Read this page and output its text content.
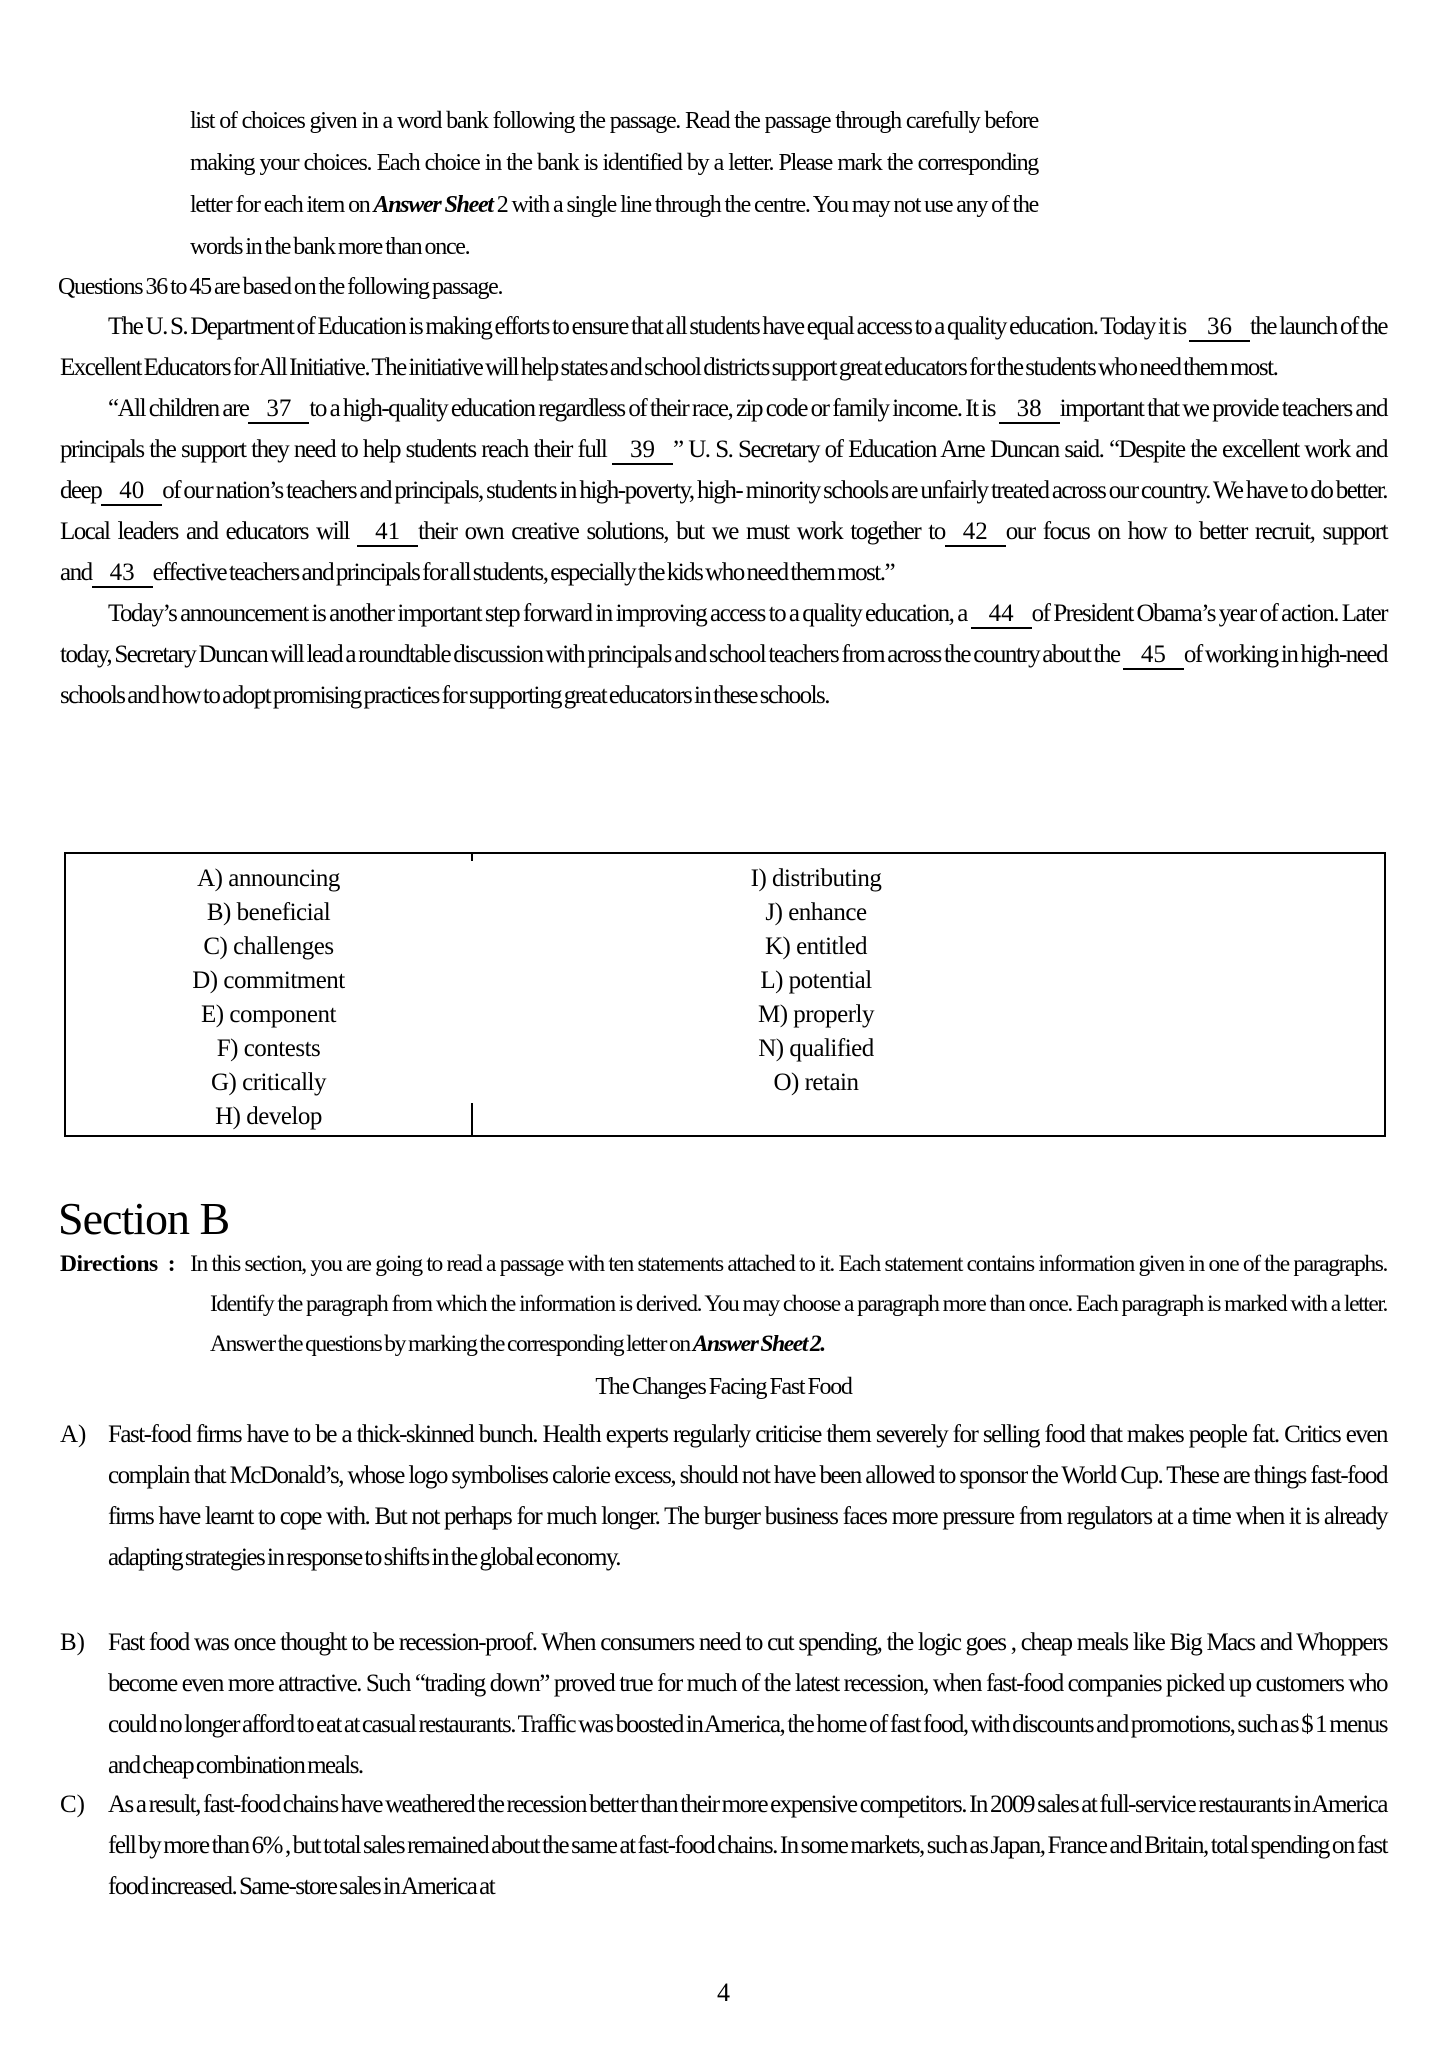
list of choices given in a word bank following the passage. Read the passage through carefully before making your choices. Each choice in the bank is identified by a letter. Please mark the corresponding letter for each item on Answer Sheet 2 with a single line through the centre. You may not use any of the words in the bank more than once.
Questions 36 to 45 are based on the following passage.

The U. S. Department of Education is making efforts to ensure that all students have equal access to a quality education. Today it is 36 the launch of the Excellent Educators for All Initiative. The initiative will help states and school districts support great educators for the students who need them most.

“All children are 37 to a high-quality education regardless of their race, zip code or family income. It is 38 important that we provide teachers and principals the support they need to help students reach their full 39 ” U. S. Secretary of Education Arne Duncan said. “Despite the excellent work and deep 40 of our nation’s teachers and principals, students in high-poverty, high- minority schools are unfairly treated across our country. We have to do better. Local leaders and educators will 41 their own creative solutions, but we must work together to 42 our focus on how to better recruit, support and 43 effective teachers and principals for all students, especially the kids who need them most.”

Today’s announcement is another important step forward in improving access to a quality education, a 44 of President Obama’s year of action. Later today, Secretary Duncan will lead a roundtable discussion with principals and school teachers from across the country about the 45 of working in high-need schools and how to adopt promising practices for supporting great educators in these schools.

A) announcing
B) beneficial
C) challenges
D) commitment
E) component
F) contests
G) critically
H) develop
I) distributing
J) enhance
K) entitled
L) potential
M) properly
N) qualified
O) retain
Section B
Directions : In this section, you are going to read a passage with ten statements attached to it. Each statement contains information given in one of the paragraphs. Identify the paragraph from which the information is derived. You may choose a paragraph more than once. Each paragraph is marked with a letter. Answer the questions by marking the corresponding letter on Answer Sheet 2.
The Changes Facing Fast Food
A) Fast-food firms have to be a thick-skinned bunch. Health experts regularly criticise them severely for selling food that makes people fat. Critics even complain that McDonald’s, whose logo symbolises calorie excess, should not have been allowed to sponsor the World Cup. These are things fast-food firms have learnt to cope with. But not perhaps for much longer. The burger business faces more pressure from regulators at a time when it is already adapting strategies in response to shifts in the global economy.
B) Fast food was once thought to be recession-proof. When consumers need to cut spending, the logic goes , cheap meals like Big Macs and Whoppers become even more attractive. Such “trading down” proved true for much of the latest recession, when fast-food companies picked up customers who could no longer afford to eat at casual restaurants. Traffic was boosted in America, the home of fast food, with discounts and promotions, such as $ 1 menus and cheap combination meals.
C) As a result, fast-food chains have weathered the recession better than their more expensive competitors. In 2009 sales at full-service restaurants in America fell by more than 6% , but total sales remained about the same at fast-food chains. In some markets, such as Japan, France and Britain, total spending on fast food increased. Same-store sales in America at
4
